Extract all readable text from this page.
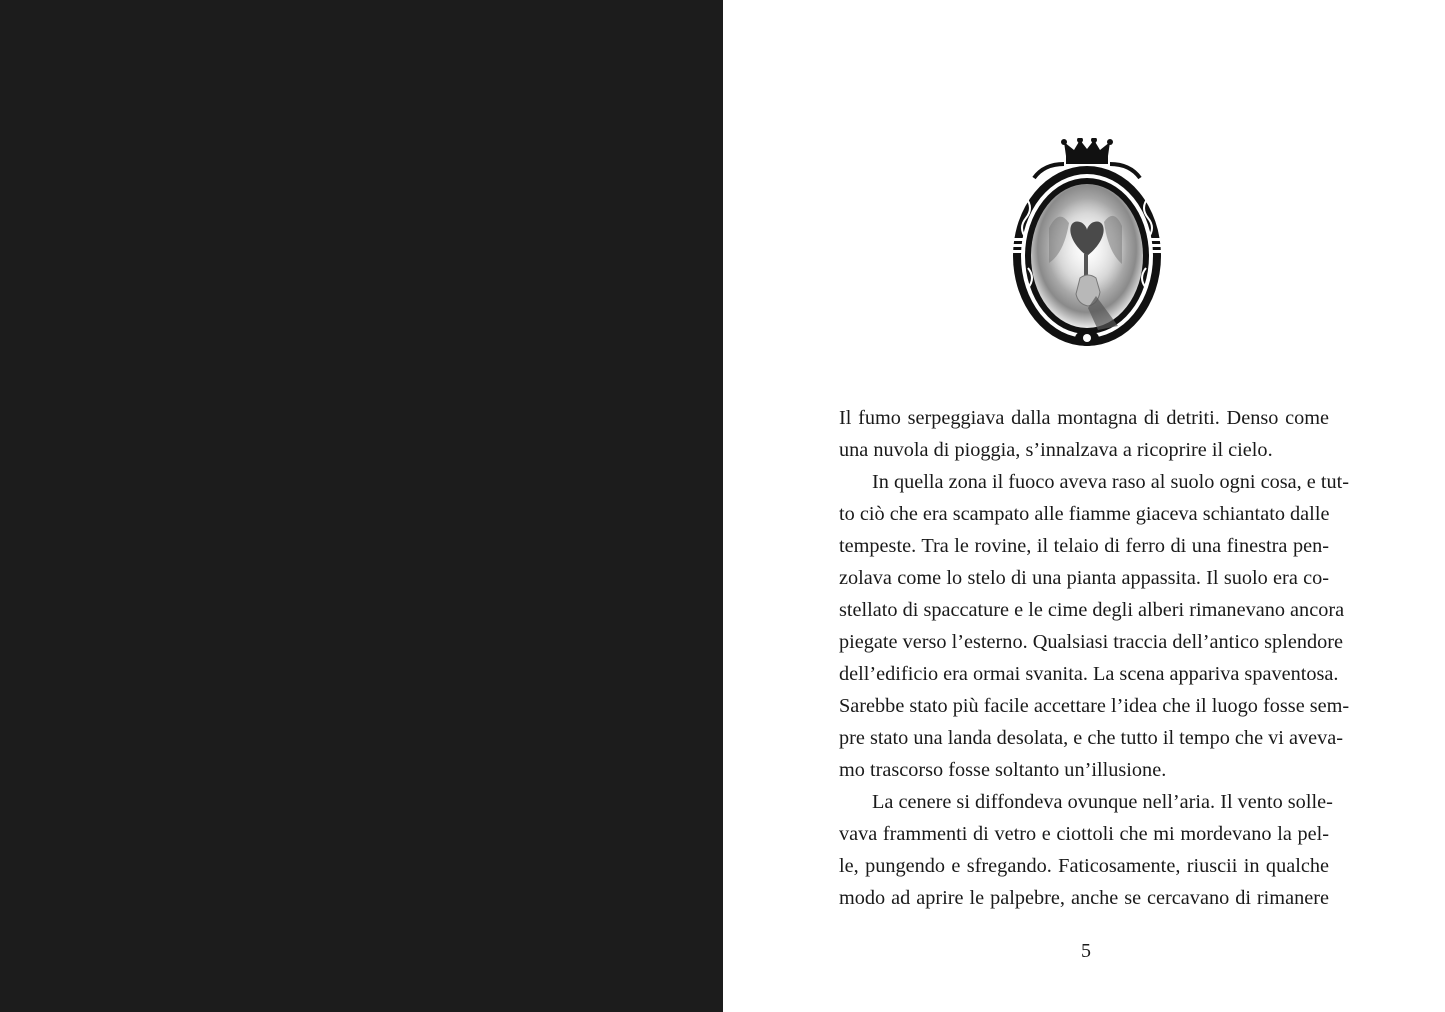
Il fumo serpeggiava dalla montagna di detriti. Denso come
una nuvola di pioggia, s’innalzava a ricoprire il cielo.
In quella zona il fuoco aveva raso al suolo ogni cosa, e tut-
to ciò che era scampato alle fiamme giaceva schiantato dalle
tempeste. Tra le rovine, il telaio di ferro di una finestra pen-
zolava come lo stelo di una pianta appassita. Il suolo era co-
stellato di spaccature e le cime degli alberi rimanevano ancora
piegate verso l’esterno. Qualsiasi traccia dell’antico splendore
dell’edificio era ormai svanita. La scena appariva spaventosa.
Sarebbe stato più facile accettare l’idea che il luogo fosse sem-
pre stato una landa desolata, e che tutto il tempo che vi aveva-
mo trascorso fosse soltanto un’illusione.
La cenere si diffondeva ovunque nell’aria. Il vento solle-
vava frammenti di vetro e ciottoli che mi mordevano la pel-
le, pungendo e sfregando. Faticosamente, riuscii in qualche
modo ad aprire le palpebre, anche se cercavano di rimanere
5
